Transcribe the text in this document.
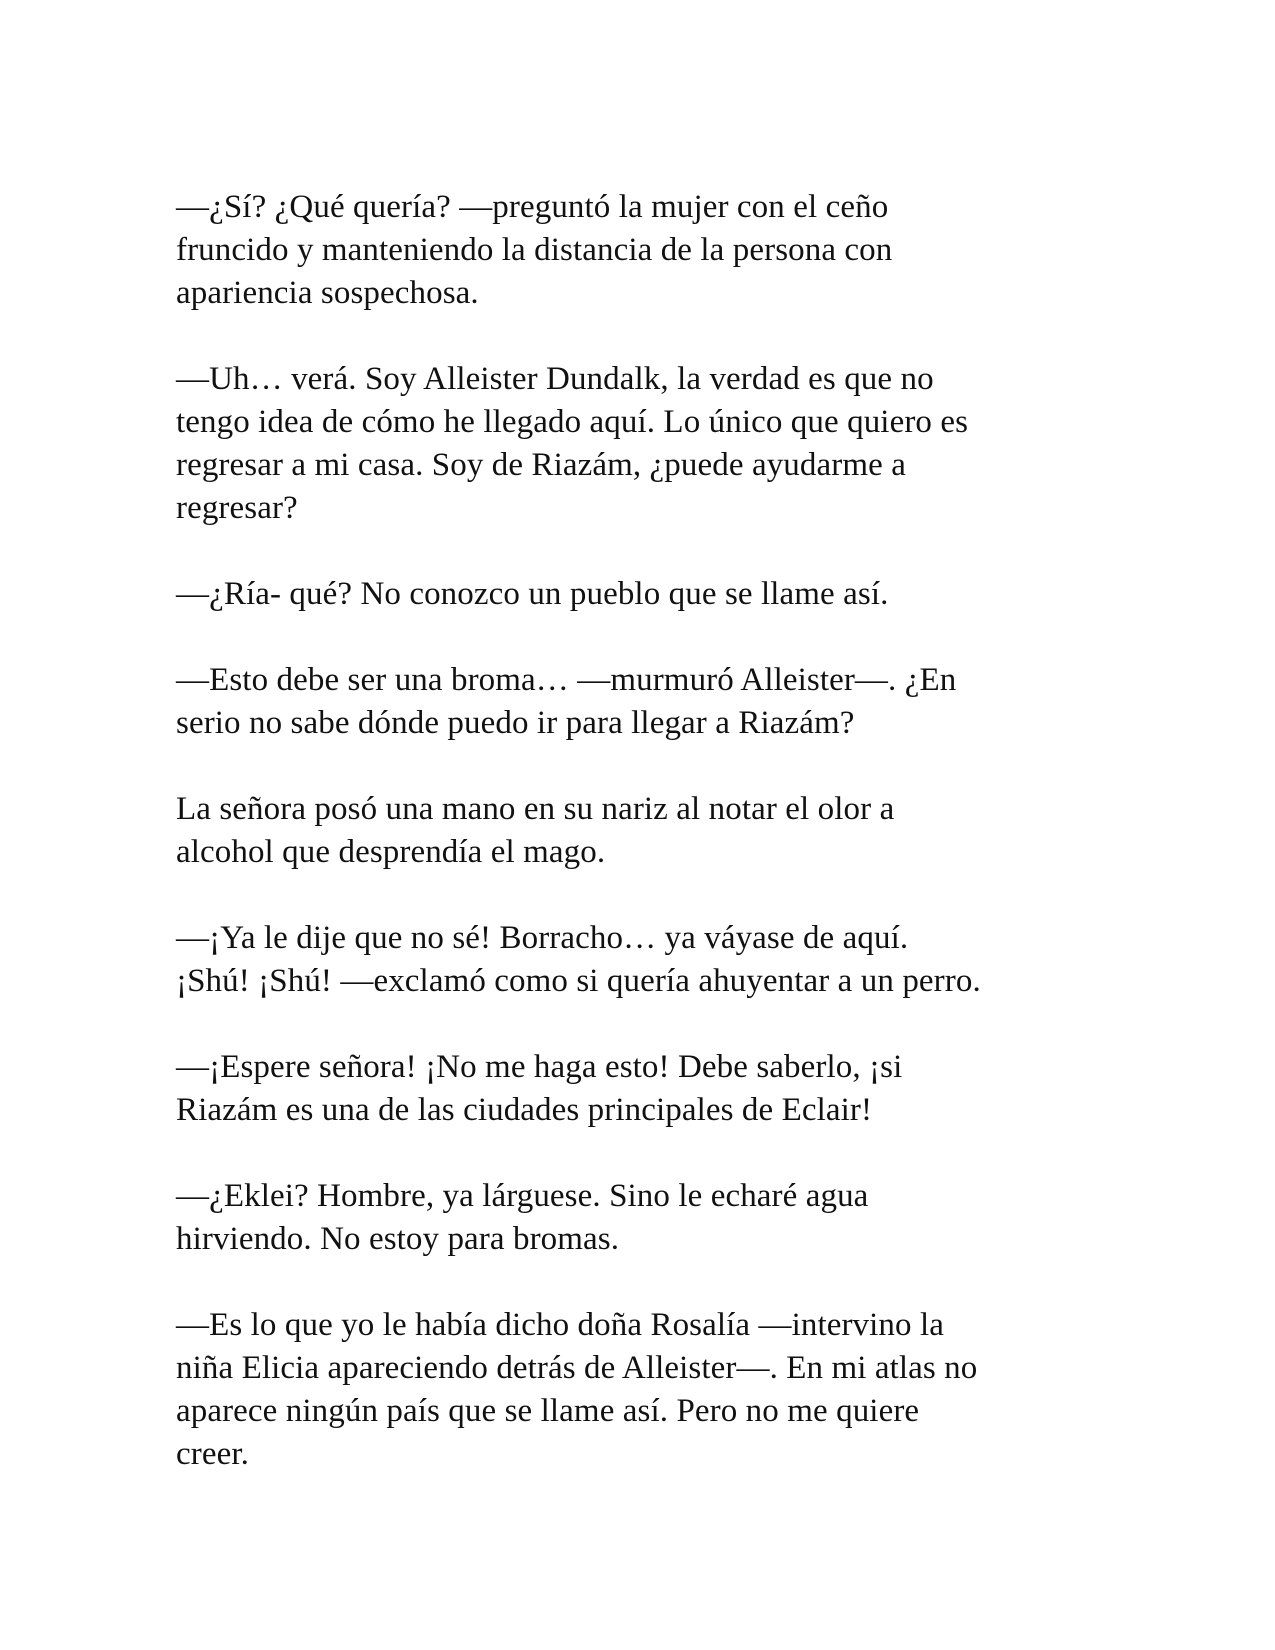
—¿Sí? ¿Qué quería? —preguntó la mujer con el ceño
fruncido y manteniendo la distancia de la persona con
apariencia sospechosa.

—Uh… verá. Soy Alleister Dundalk, la verdad es que no
tengo idea de cómo he llegado aquí. Lo único que quiero es
regresar a mi casa. Soy de Riazám, ¿puede ayudarme a
regresar?

—¿Ría- qué? No conozco un pueblo que se llame así.

—Esto debe ser una broma… —murmuró Alleister—. ¿En
serio no sabe dónde puedo ir para llegar a Riazám?

La señora posó una mano en su nariz al notar el olor a
alcohol que desprendía el mago.

—¡Ya le dije que no sé! Borracho… ya váyase de aquí.
¡Shú! ¡Shú! —exclamó como si quería ahuyentar a un perro.

—¡Espere señora! ¡No me haga esto! Debe saberlo, ¡si
Riazám es una de las ciudades principales de Eclair!

—¿Eklei? Hombre, ya lárguese. Sino le echaré agua
hirviendo. No estoy para bromas.

—Es lo que yo le había dicho doña Rosalía —intervino la
niña Elicia apareciendo detrás de Alleister—. En mi atlas no
aparece ningún país que se llame así. Pero no me quiere
creer.
